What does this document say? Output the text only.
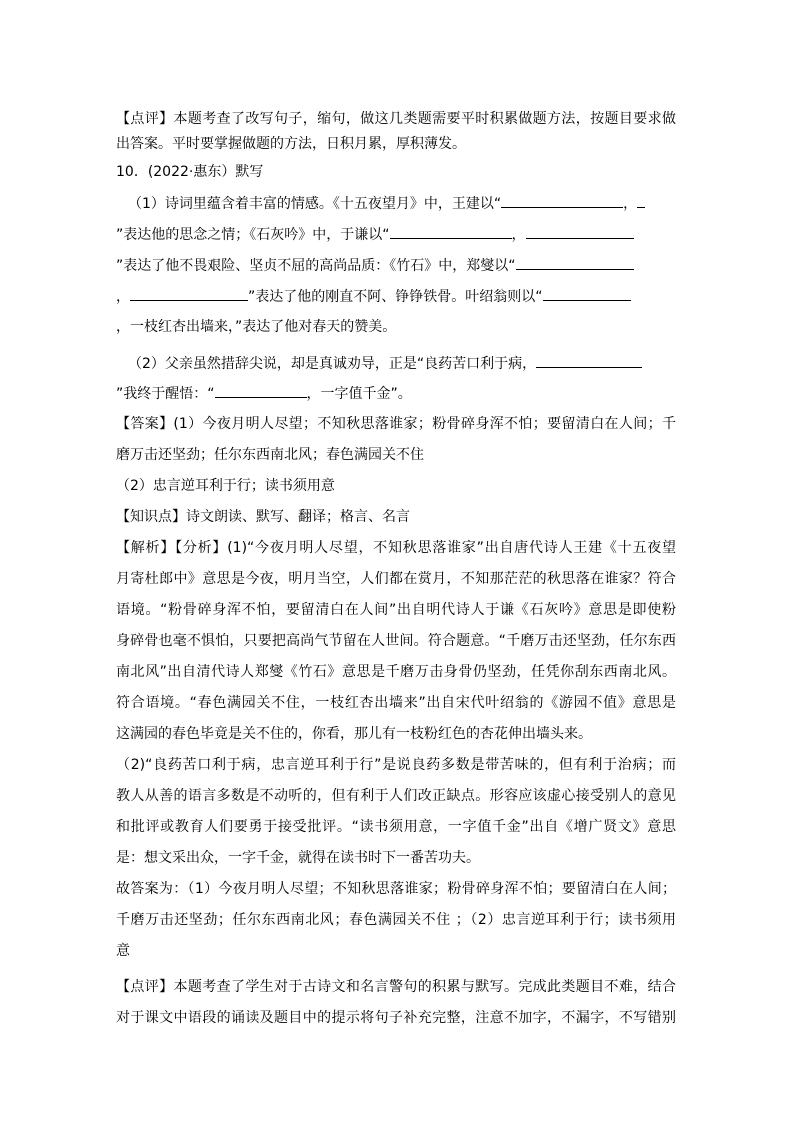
【点评】本题考查了改写句子，缩句，做这几类题需要平时积累做题方法，按题目要求做
出答案。平时要掌握做题的方法，日积月累，厚积薄发。
10．(2022·惠东）默写
（1）诗词里蕴含着丰富的情感。《十五夜望月》中，王建以“	，
”表达他的思念之情；《石灰吟》中，于谦以“	，
”表达了他不畏艰险、坚贞不屈的高尚品质：《竹石》中，郑燮以“
，	”表达了他的刚直不阿、铮铮铁骨。叶绍翁则以“
，一枝红杏出墙来，”表达了他对春天的赞美。
（2）父亲虽然措辞尖说，却是真诚劝导，正是“良药苦口利于病，
”我终于醒悟：“	，一字值千金”。
【答案】(1）今夜月明人尽望；不知秋思落谁家；粉骨碎身浑不怕；要留清白在人间；千
磨万击还坚劲；任尔东西南北风；春色满园关不住
（2）忠言逆耳利于行；读书须用意
【知识点】诗文朗读、默写、翻译；格言、名言
【解析】【分析】(1)“今夜月明人尽望，不知秋思落谁家”出自唐代诗人王建《十五夜望
月寄杜郎中》意思是今夜，明月当空，人们都在赏月，不知那茫茫的秋思落在谁家？符合
语境。“粉骨碎身浑不怕，要留清白在人间”出自明代诗人于谦《石灰吟》意思是即使粉
身碎骨也毫不惧怕，只要把高尚气节留在人世间。符合题意。“千磨万击还坚劲，任尔东西
南北风”出自清代诗人郑燮《竹石》意思是千磨万击身骨仍坚劲，任凭你刮东西南北风。
符合语境。“春色满园关不住，一枝红杏出墙来”出自宋代叶绍翁的《游园不值》意思是
这满园的春色毕竟是关不住的，你看，那儿有一枝粉红色的杏花伸出墙头来。
（2)“良药苦口利于病，忠言逆耳利于行”是说良药多数是带苦味的，但有利于治病；而
教人从善的语言多数是不动听的，但有利于人们改正缺点。形容应该虚心接受别人的意见
和批评或教育人们要勇于接受批评。“读书须用意，一字值千金”出自《增广贤文》意思
是：想文采出众，一字千金，就得在读书时下一番苦功夫。
故答案为：（1）今夜月明人尽望；不知秋思落谁家；粉骨碎身浑不怕；要留清白在人间；
千磨万击还坚劲；任尔东西南北风；春色满园关不住 ；（2）忠言逆耳利于行；读书须用
意
【点评】本题考查了学生对于古诗文和名言警句的积累与默写。完成此类题目不难，结合
对于课文中语段的诵读及题目中的提示将句子补充完整，注意不加字，不漏字，不写错别
